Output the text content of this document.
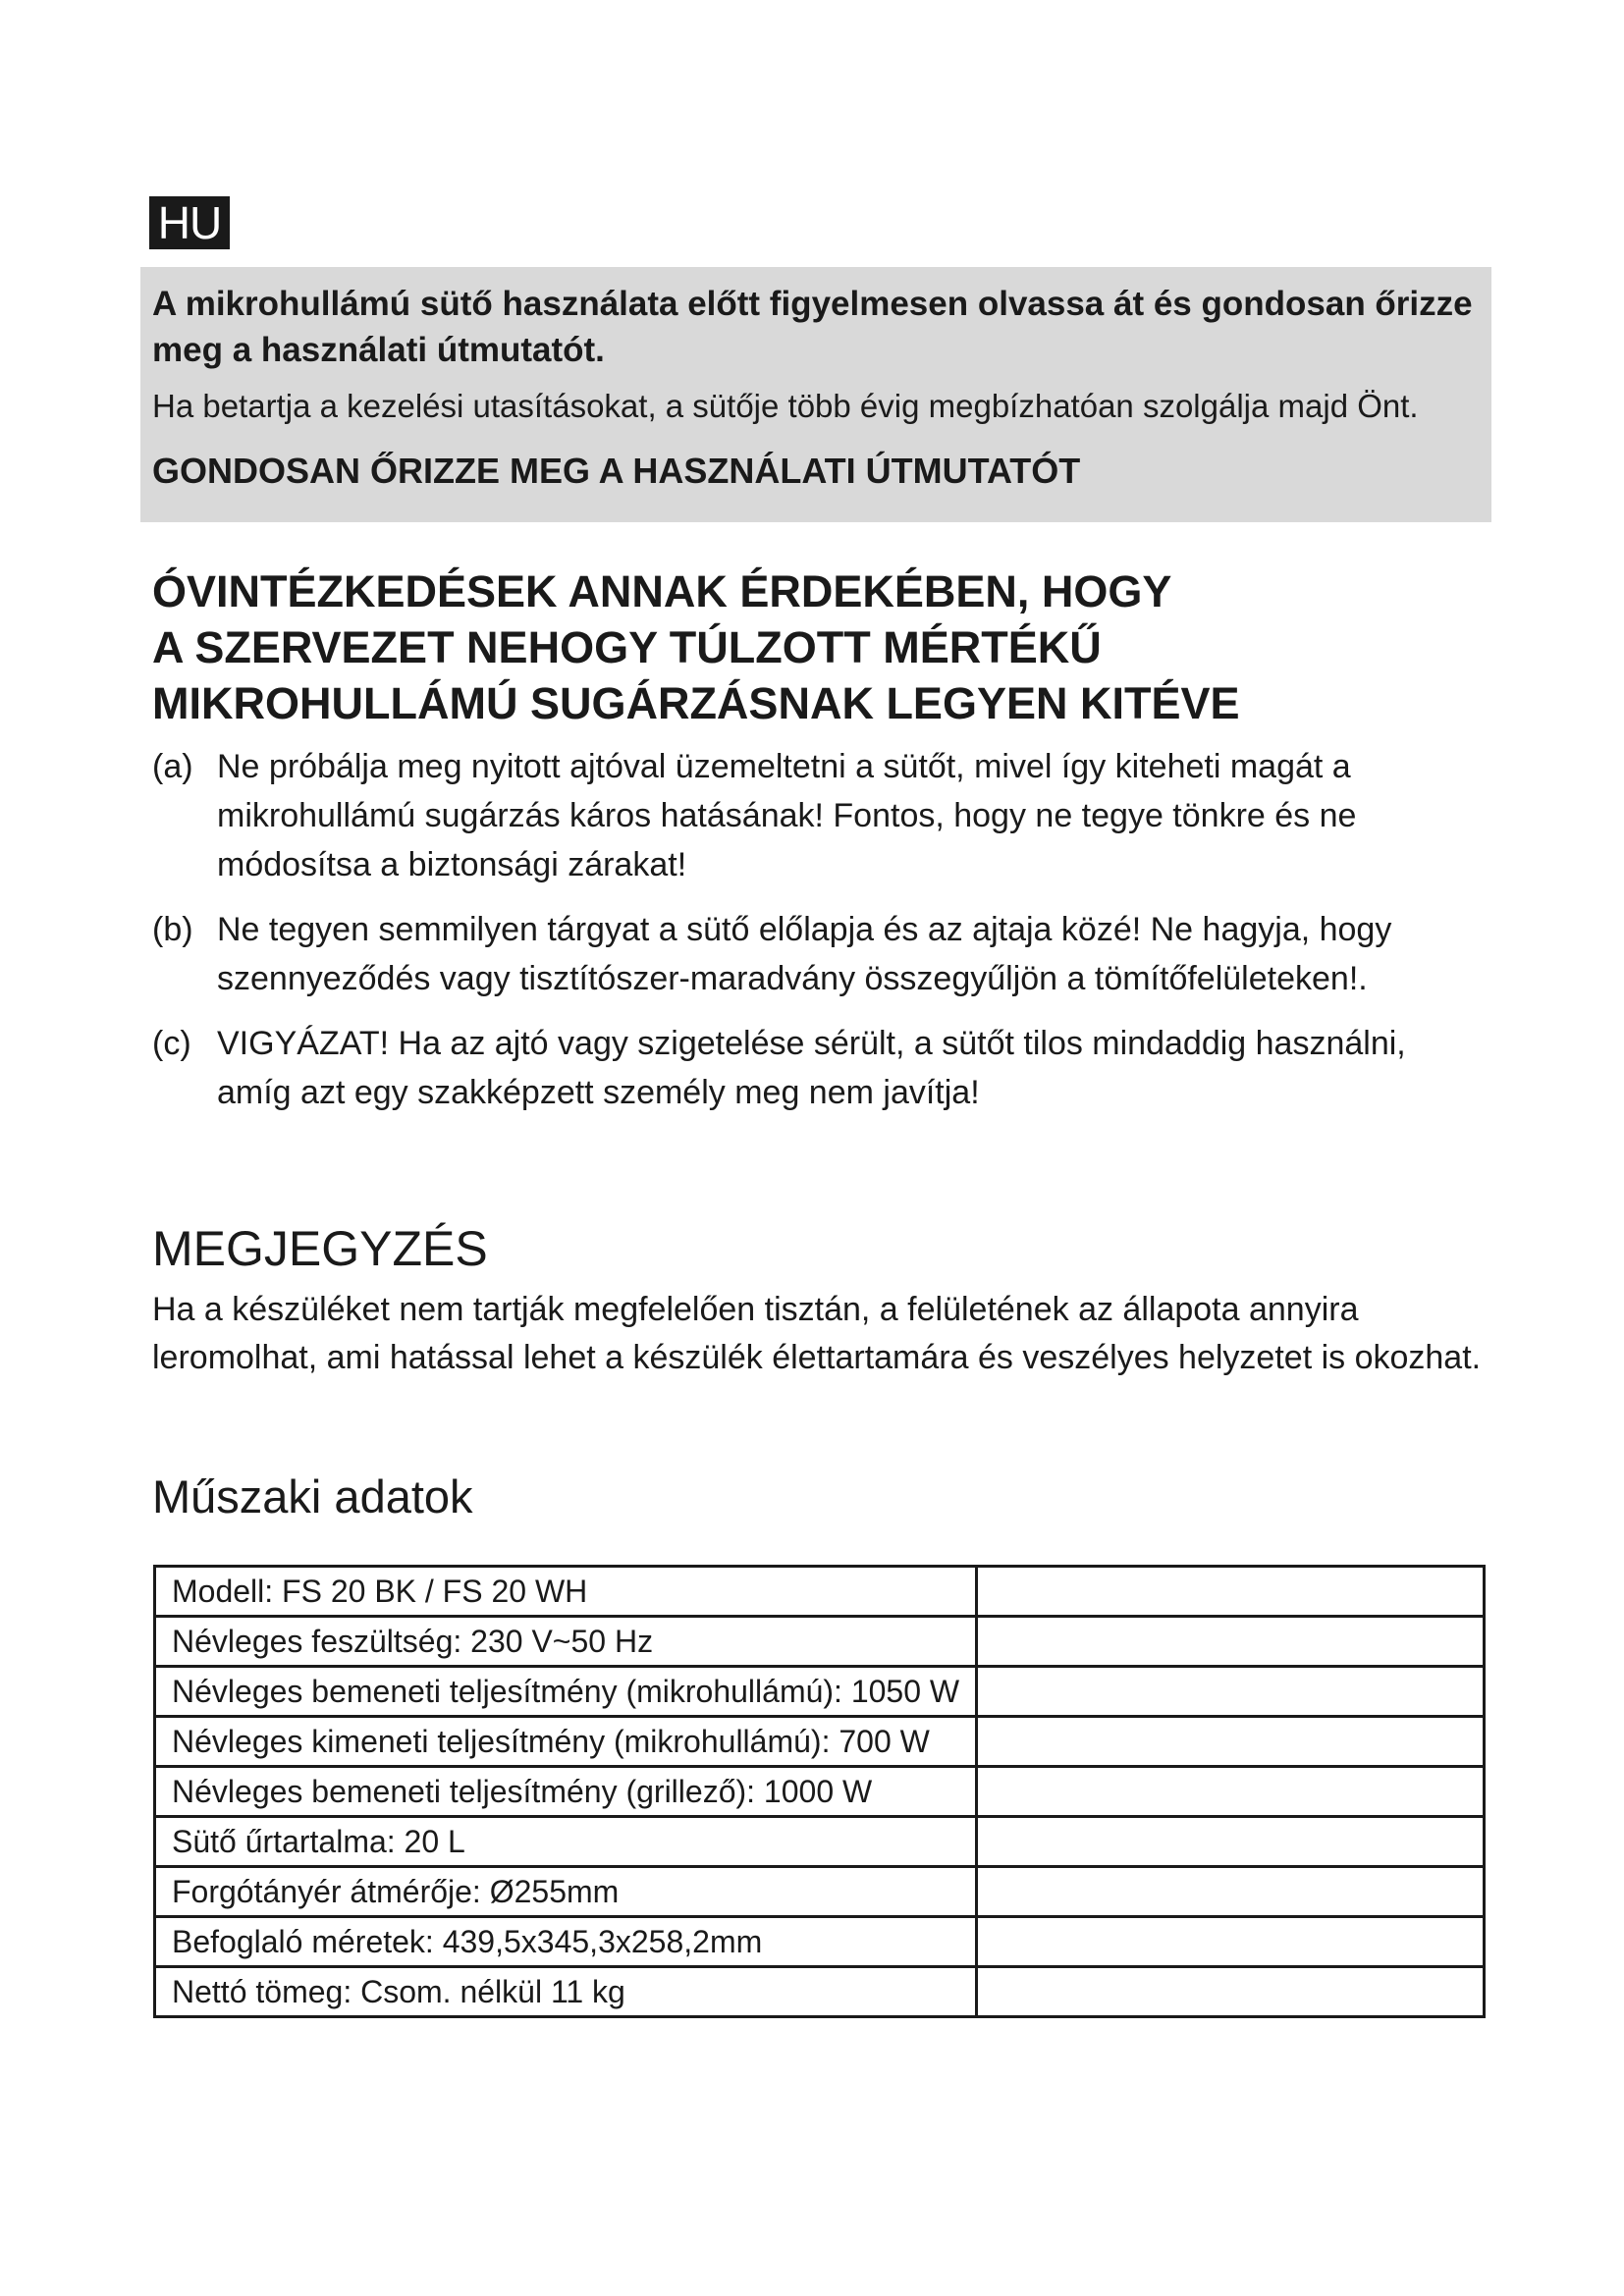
HU

A mikrohullámú sütő használata előtt figyelmesen olvassa át és gondosan őrizze meg a használati útmutatót.

Ha betartja a kezelési utasításokat, a sütője több évig megbízhatóan szolgálja majd Önt.

GONDOSAN ŐRIZZE MEG A HASZNÁLATI ÚTMUTATÓT

ÓVINTÉZKEDÉSEK ANNAK ÉRDEKÉBEN, HOGY
A SZERVEZET NEHOGY TÚLZOTT MÉRTÉKŰ
MIKROHULLÁMÚ SUGÁRZÁSNAK LEGYEN KITÉVE
(a) Ne próbálja meg nyitott ajtóval üzemeltetni a sütőt, mivel így kiteheti magát a mikrohullámú sugárzás káros hatásának! Fontos, hogy ne tegye tönkre és ne módosítsa a biztonsági zárakat!
(b) Ne tegyen semmilyen tárgyat a sütő előlapja és az ajtaja közé! Ne hagyja, hogy szennyeződés vagy tisztítószer-maradvány összegyűljön a tömítőfelületeken!.
(c) VIGYÁZAT! Ha az ajtó vagy szigetelése sérült, a sütőt tilos mindaddig használni, amíg azt egy szakképzett személy meg nem javítja!
MEGJEGYZÉS

Ha a készüléket nem tartják megfelelően tisztán, a felületének az állapota annyira leromolhat, ami hatással lehet a készülék élettartamára és veszélyes helyzetet is okozhat.

Műszaki adatok
Modell: FS 20 BK / FS 20 WH	
Névleges feszültség: 230 V~50 Hz	
Névleges bemeneti teljesítmény (mikrohullámú): 1050 W	
Névleges kimeneti teljesítmény (mikrohullámú): 700 W	
Névleges bemeneti teljesítmény (grillező): 1000 W	
Sütő űrtartalma: 20 L	
Forgótányér átmérője: Ø255mm	
Befoglaló méretek: 439,5x345,3x258,2mm	
Nettó tömeg: Csom. nélkül 11 kg	
